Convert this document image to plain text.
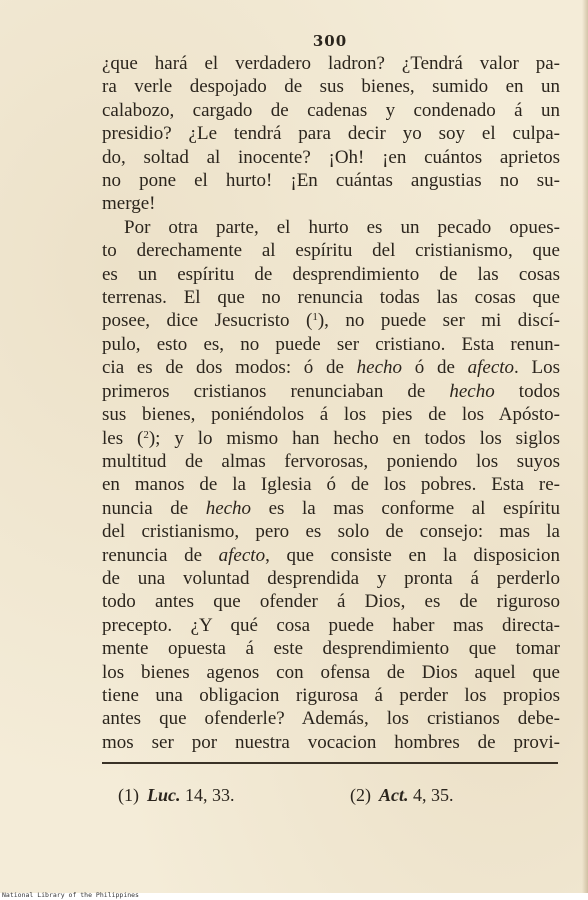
300
¿que hará el verdadero ladron? ¿Tendrá valor pa-
ra verle despojado de sus bienes, sumido en un
calabozo, cargado de cadenas y condenado á un
presidio? ¿Le tendrá para decir yo soy el culpa-
do, soltad al inocente? ¡Oh! ¡en cuántos aprietos
no pone el hurto! ¡En cuántas angustias no su-
merge!
Por otra parte, el hurto es un pecado opues-
to derechamente al espíritu del cristianismo, que
es un espíritu de desprendimiento de las cosas
terrenas. El que no renuncia todas las cosas que
posee, dice Jesucristo ($^1$), no puede ser mi discí-
pulo, esto es, no puede ser cristiano. Esta renun-
cia es de dos modos: ó de hecho ó de afecto. Los
primeros cristianos renunciaban de hecho todos
sus bienes, poniéndolos á los pies de los Apósto-
les ($^2$); y lo mismo han hecho en todos los siglos
multitud de almas fervorosas, poniendo los suyos
en manos de la Iglesia ó de los pobres. Esta re-
nuncia de hecho es la mas conforme al espíritu
del cristianismo, pero es solo de consejo: mas la
renuncia de afecto, que consiste en la disposicion
de una voluntad desprendida y pronta á perderlo
todo antes que ofender á Dios, es de riguroso
precepto. ¿Y qué cosa puede haber mas directa-
mente opuesta á este desprendimiento que tomar
los bienes agenos con ofensa de Dios aquel que
tiene una obligacion rigurosa á perder los propios
antes que ofenderle? Además, los cristianos debe-
mos ser por nuestra vocacion hombres de provi-
(1) Luc. 14, 33.	(2) Act. 4, 35.
National Library of the Philippines
